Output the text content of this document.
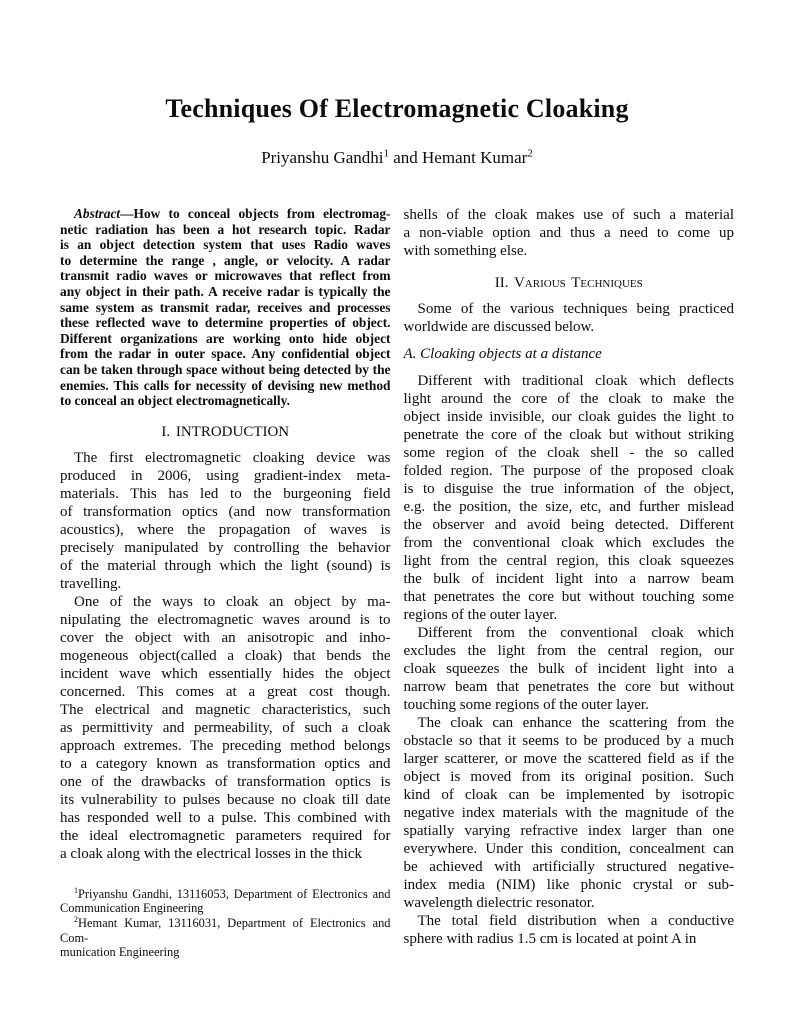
Techniques Of Electromagnetic Cloaking
Priyanshu Gandhi$^1$ and Hemant Kumar$^2$
Abstract—How to conceal objects from electromag-
netic radiation has been a hot research topic. Radar
is an object detection system that uses Radio waves
to determine the range , angle, or velocity. A radar
transmit radio waves or microwaves that reflect from
any object in their path. A receive radar is typically the
same system as transmit radar, receives and processes
these reflected wave to determine properties of object.
Different organizations are working onto hide object
from the radar in outer space. Any confidential object
can be taken through space without being detected by the
enemies. This calls for necessity of devising new method
to conceal an object electromagnetically.
I. INTRODUCTION
The first electromagnetic cloaking device was
produced in 2006, using gradient-index meta-
materials. This has led to the burgeoning field
of transformation optics (and now transformation
acoustics), where the propagation of waves is
precisely manipulated by controlling the behavior
of the material through which the light (sound) is
travelling.
One of the ways to cloak an object by ma-
nipulating the electromagnetic waves around is to
cover the object with an anisotropic and inho-
mogeneous object(called a cloak) that bends the
incident wave which essentially hides the object
concerned. This comes at a great cost though.
The electrical and magnetic characteristics, such
as permittivity and permeability, of such a cloak
approach extremes. The preceding method belongs
to a category known as transformation optics and
one of the drawbacks of transformation optics is
its vulnerability to pulses because no cloak till date
has responded well to a pulse. This combined with
the ideal electromagnetic parameters required for
a cloak along with the electrical losses in the thick
$^1$Priyanshu Gandhi, 13116053, Department of Electronics and
Communication Engineering
$^2$Hemant Kumar, 13116031, Department of Electronics and Com-
munication Engineering
shells of the cloak makes use of such a material
a non-viable option and thus a need to come up
with something else.
II. Various Techniques
Some of the various techniques being practiced
worldwide are discussed below.
A. Cloaking objects at a distance
Different with traditional cloak which deflects
light around the core of the cloak to make the
object inside invisible, our cloak guides the light to
penetrate the core of the cloak but without striking
some region of the cloak shell - the so called
folded region. The purpose of the proposed cloak
is to disguise the true information of the object,
e.g. the position, the size, etc, and further mislead
the observer and avoid being detected. Different
from the conventional cloak which excludes the
light from the central region, this cloak squeezes
the bulk of incident light into a narrow beam
that penetrates the core but without touching some
regions of the outer layer.
Different from the conventional cloak which
excludes the light from the central region, our
cloak squeezes the bulk of incident light into a
narrow beam that penetrates the core but without
touching some regions of the outer layer.
The cloak can enhance the scattering from the
obstacle so that it seems to be produced by a much
larger scatterer, or move the scattered field as if the
object is moved from its original position. Such
kind of cloak can be implemented by isotropic
negative index materials with the magnitude of the
spatially varying refractive index larger than one
everywhere. Under this condition, concealment can
be achieved with artificially structured negative-
index media (NIM) like phonic crystal or sub-
wavelength dielectric resonator.
The total field distribution when a conductive
sphere with radius 1.5 cm is located at point A in
